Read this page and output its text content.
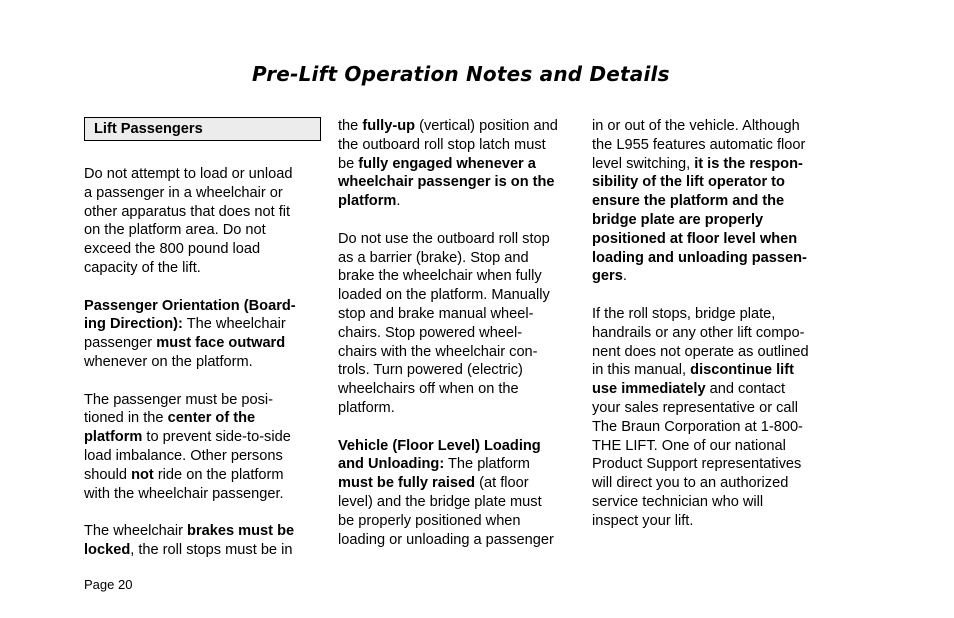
Pre-Lift Operation Notes and Details
Lift Passengers

Do not attempt to load or unload
a passenger in a wheelchair or
other apparatus that does not fit
on the platform area. Do not
exceed the 800 pound load
capacity of the lift.

Passenger Orientation (Board-
ing Direction): The wheelchair
passenger must face outward
whenever on the platform.

The passenger must be posi-
tioned in the center of the
platform to prevent side-to-side
load imbalance. Other persons
should not ride on the platform
with the wheelchair passenger.

The wheelchair brakes must be
locked, the roll stops must be in

the fully-up (vertical) position and
the outboard roll stop latch must
be fully engaged whenever a
wheelchair passenger is on the
platform.

Do not use the outboard roll stop
as a barrier (brake). Stop and
brake the wheelchair when fully
loaded on the platform. Manually
stop and brake manual wheel-
chairs. Stop powered wheel-
chairs with the wheelchair con-
trols. Turn powered (electric)
wheelchairs off when on the
platform.

Vehicle (Floor Level) Loading
and Unloading: The platform
must be fully raised (at floor
level) and the bridge plate must
be properly positioned when
loading or unloading a passenger

in or out of the vehicle. Although
the L955 features automatic floor
level switching, it is the respon-
sibility of the lift operator to
ensure the platform and the
bridge plate are properly
positioned at floor level when
loading and unloading passen-
gers.

If the roll stops, bridge plate,
handrails or any other lift compo-
nent does not operate as outlined
in this manual, discontinue lift
use immediately and contact
your sales representative or call
The Braun Corporation at 1-800-
THE LIFT. One of our national
Product Support representatives
will direct you to an authorized
service technician who will
inspect your lift.

Page 20
